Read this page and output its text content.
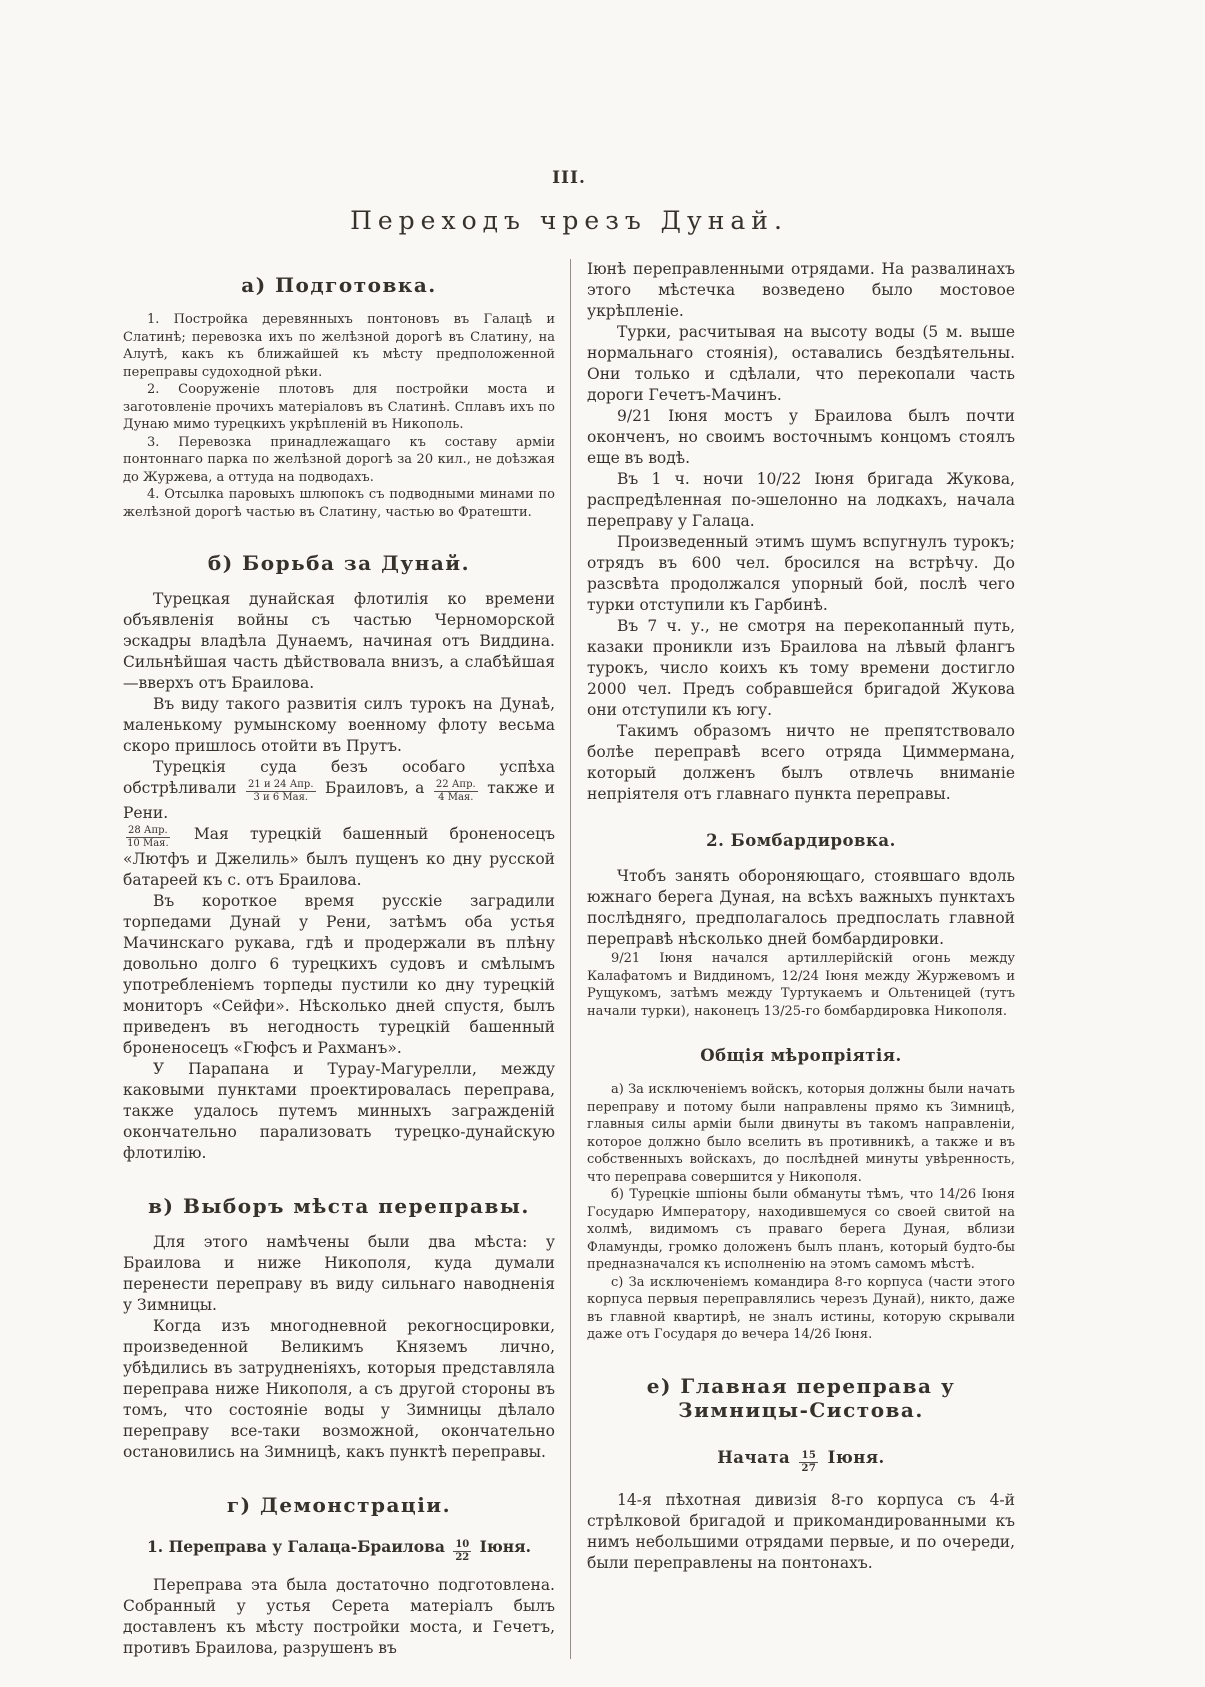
III.
Переходъ чрезъ Дунай.
а) Подготовка.

1. Постройка деревянныхъ понтоновъ въ Галацѣ и Слатинѣ; перевозка ихъ по желѣзной дорогѣ въ Слатину, на Алутѣ, какъ къ ближайшей къ мѣсту предположенной переправы судоходной рѣки.

2. Сооруженіе плотовъ для постройки моста и заготовленіе прочихъ матеріаловъ въ Слатинѣ. Сплавъ ихъ по Дунаю мимо турецкихъ укрѣпленій въ Никополь.

3. Перевозка принадлежащаго къ составу арміи понтоннаго парка по желѣзной дорогѣ за 20 кил., не доѣзжая до Журжева, а оттуда на подводахъ.

4. Отсылка паровыхъ шлюпокъ съ подводными минами по желѣзной дорогѣ частью въ Слатину, частью во Фратешти.

б) Борьба за Дунай.

Турецкая дунайская флотилія ко времени объявленія войны съ частью Черноморской эскадры владѣла Дунаемъ, начиная отъ Виддина. Сильнѣйшая часть дѣйствовала внизъ, а слабѣйшая—вверхъ отъ Браилова.

Въ виду такого развитія силъ турокъ на Дунаѣ, маленькому румынскому военному флоту весьма скоро пришлось отойти въ Прутъ.

Турецкія суда безъ особаго успѣха обстрѣливали $\frac{\text{21 и 24 Апр.}}{\text{3 и 6 Мая.}}$ Браиловъ, а $\frac{\text{22 Апр.}}{\text{4 Мая.}}$ также и Рени.

$\frac{\text{28 Апр.}}{\text{10 Мая.}}$ Мая турецкій башенный броненосецъ «Лютфъ и Джелиль» былъ пущенъ ко дну русской батареей къ с. отъ Браилова.

Въ короткое время русскіе заградили торпедами Дунай у Рени, затѣмъ оба устья Мачинскаго рукава, гдѣ и продержали въ плѣну довольно долго 6 турецкихъ судовъ и смѣлымъ употребленіемъ торпеды пустили ко дну турецкій мониторъ «Сейфи». Нѣсколько дней спустя, былъ приведенъ въ негодность турецкій башенный броненосецъ «Гюфсъ и Рахманъ».

У Парапана и Турау-Магурелли, между каковыми пунктами проектировалась переправа, также удалось путемъ минныхъ загражденій окончательно парализовать турецко-дунайскую флотилію.

в) Выборъ мѣста переправы.

Для этого намѣчены были два мѣста: у Браилова и ниже Никополя, куда думали перенести переправу въ виду сильнаго наводненія у Зимницы.

Когда изъ многодневной рекогносцировки, произведенной Великимъ Княземъ лично, убѣдились въ затрудненіяхъ, которыя представляла переправа ниже Никополя, а съ другой стороны въ томъ, что состояніе воды у Зимницы дѣлало переправу все-таки возможной, окончательно остановились на Зимницѣ, какъ пунктѣ переправы.

г) Демонстраціи.
1. Переправа у Галаца-Браилова $\frac{10}{22}$ Іюня.

Переправа эта была достаточно подготовлена. Собранный у устья Серета матеріалъ былъ доставленъ къ мѣсту постройки моста, и Гечетъ, противъ Браилова, разрушенъ въ

Іюнѣ переправленными отрядами. На развалинахъ этого мѣстечка возведено было мостовое укрѣпленіе.

Турки, расчитывая на высоту воды (5 м. выше нормальнаго стоянія), оставались бездѣятельны. Они только и сдѣлали, что перекопали часть дороги Гечетъ-Мачинъ.

9/21 Іюня мостъ у Браилова былъ почти оконченъ, но своимъ восточнымъ концомъ стоялъ еще въ водѣ.

Въ 1 ч. ночи 10/22 Іюня бригада Жукова, распредѣленная по-эшелонно на лодкахъ, начала переправу у Галаца.

Произведенный этимъ шумъ вспугнулъ турокъ; отрядъ въ 600 чел. бросился на встрѣчу. До разсвѣта продолжался упорный бой, послѣ чего турки отступили къ Гарбинѣ.

Въ 7 ч. у., не смотря на перекопанный путь, казаки проникли изъ Браилова на лѣвый флангъ турокъ, число коихъ къ тому времени достигло 2000 чел. Предъ собравшейся бригадой Жукова они отступили къ югу.

Такимъ образомъ ничто не препятствовало болѣе переправѣ всего отряда Циммермана, который долженъ былъ отвлечь вниманіе непріятеля отъ главнаго пункта переправы.

2. Бомбардировка.

Чтобъ занять обороняющаго, стоявшаго вдоль южнаго берега Дуная, на всѣхъ важныхъ пунктахъ послѣдняго, предполагалось предпослать главной переправѣ нѣсколько дней бомбардировки.

9/21 Іюня начался артиллерійскій огонь между Калафатомъ и Виддиномъ, 12/24 Іюня между Журжевомъ и Рущукомъ, затѣмъ между Туртукаемъ и Ольтеницей (тутъ начали турки), наконецъ 13/25-го бомбардировка Никополя.

Общія мѣропріятія.

а) За исключеніемъ войскъ, которыя должны были начать переправу и потому были направлены прямо къ Зимницѣ, главныя силы арміи были двинуты въ такомъ направленіи, которое должно было вселить въ противникѣ, а также и въ собственныхъ войскахъ, до послѣдней минуты увѣренность, что переправа совершится у Никополя.

б) Турецкіе шпіоны были обмануты тѣмъ, что 14/26 Іюня Государю Императору, находившемуся со своей свитой на холмѣ, видимомъ съ праваго берега Дуная, вблизи Фламунды, громко доложенъ былъ планъ, который будто-бы предназначался къ исполненію на этомъ самомъ мѣстѣ.

с) За исключеніемъ командира 8-го корпуса (части этого корпуса первыя переправлялись черезъ Дунай), никто, даже въ главной квартирѣ, не зналъ истины, которую скрывали даже отъ Государя до вечера 14/26 Іюня.

е) Главная переправа у Зимницы-Систова.
Начата $\frac{15}{27}$ Іюня.

14-я пѣхотная дивизія 8-го корпуса съ 4-й стрѣлковой бригадой и прикомандированными къ нимъ небольшими отрядами первые, и по очереди, были переправлены на понтонахъ.
